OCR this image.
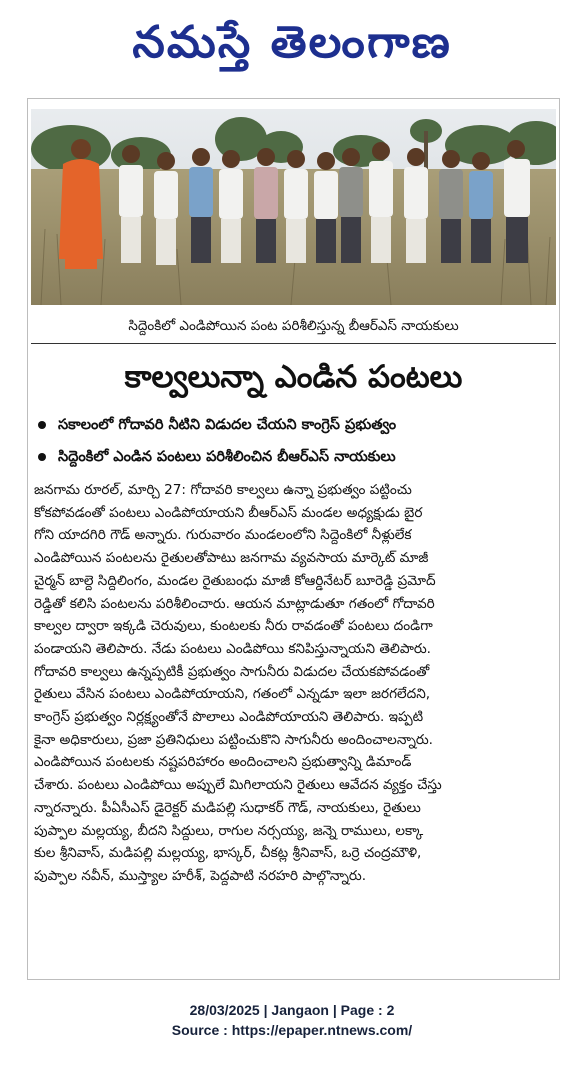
నమస్తే తెలంగాణ
సిద్దెంకిలో ఎండిపోయిన పంట పరిశీలిస్తున్న బీఆర్ఎస్ నాయకులు
కాల్వలున్నా ఎండిన పంటలు
సకాలంలో గోదావరి నీటిని విడుదల చేయని కాంగ్రెస్ ప్రభుత్వం
సిద్దెంకిలో ఎండిన పంటలు పరిశీలించిన బీఆర్ఎస్ నాయకులు
జనగామ రూరల్, మార్చి 27: గోదావరి కాల్వలు ఉన్నా ప్రభుత్వం పట్టించు
కోకపోవడంతో పంటలు ఎండిపోయాయని బీఆర్ఎస్ మండల అధ్యక్షుడు బైర
గోని యాదగిరి గౌడ్ అన్నారు. గురువారం మండలంలోని సిద్దెంకిలో నీళ్లులేక
ఎండిపోయిన పంటలను రైతులతోపాటు జనగామ వ్యవసాయ మార్కెట్ మాజీ
చైర్మన్ బాల్దె సిద్దిలింగం, మండల రైతుబంధు మాజీ కోఆర్డినేటర్ బూరెడ్డి ప్రమోద్
రెడ్డితో కలిసి పంటలను పరిశీలించారు. ఆయన మాట్లాడుతూ గతంలో గోదావరి
కాల్వల ద్వారా ఇక్కడి చెరువులు, కుంటలకు నీరు రావడంతో పంటలు దండిగా
పండాయని తెలిపారు. నేడు పంటలు ఎండిపోయి కనిపిస్తున్నాయని తెలిపారు.
గోదావరి కాల్వలు ఉన్నప్పటికీ ప్రభుత్వం సాగునీరు విడుదల చేయకపోవడంతో
రైతులు వేసిన పంటలు ఎండిపోయాయని, గతంలో ఎన్నడూ ఇలా జరగలేదని,
కాంగ్రెస్ ప్రభుత్వం నిర్లక్ష్యంతోనే పొలాలు ఎండిపోయాయని తెలిపారు. ఇప్పటి
కైనా అధికారులు, ప్రజా ప్రతినిధులు పట్టించుకొని సాగునీరు అందించాలన్నారు.
ఎండిపోయిన పంటలకు నష్టపరిహారం అందించాలని ప్రభుత్వాన్ని డిమాండ్
చేశారు. పంటలు ఎండిపోయి అప్పులే మిగిలాయని రైతులు ఆవేదన వ్యక్తం చేస్తు
న్నారన్నారు. పీఏసీఎస్ డైరెక్టర్ మడిపల్లి సుధాకర్ గౌడ్, నాయకులు, రైతులు
పుప్పాల మల్లయ్య, బీదని సిద్దులు, రాగుల నర్సయ్య, జన్నె రాములు, లక్కా
కుల శ్రీనివాస్, మడిపల్లి మల్లయ్య, భాస్కర్, చీకట్ల శ్రీనివాస్, ఒర్రె చంద్రమౌళి,
పుప్పాల నవీన్, ముస్త్యాల హరీశ్, పెద్దపాటి నరహరి పాల్గొన్నారు.
28/03/2025 | Jangaon | Page : 2
Source : https://epaper.ntnews.com/
